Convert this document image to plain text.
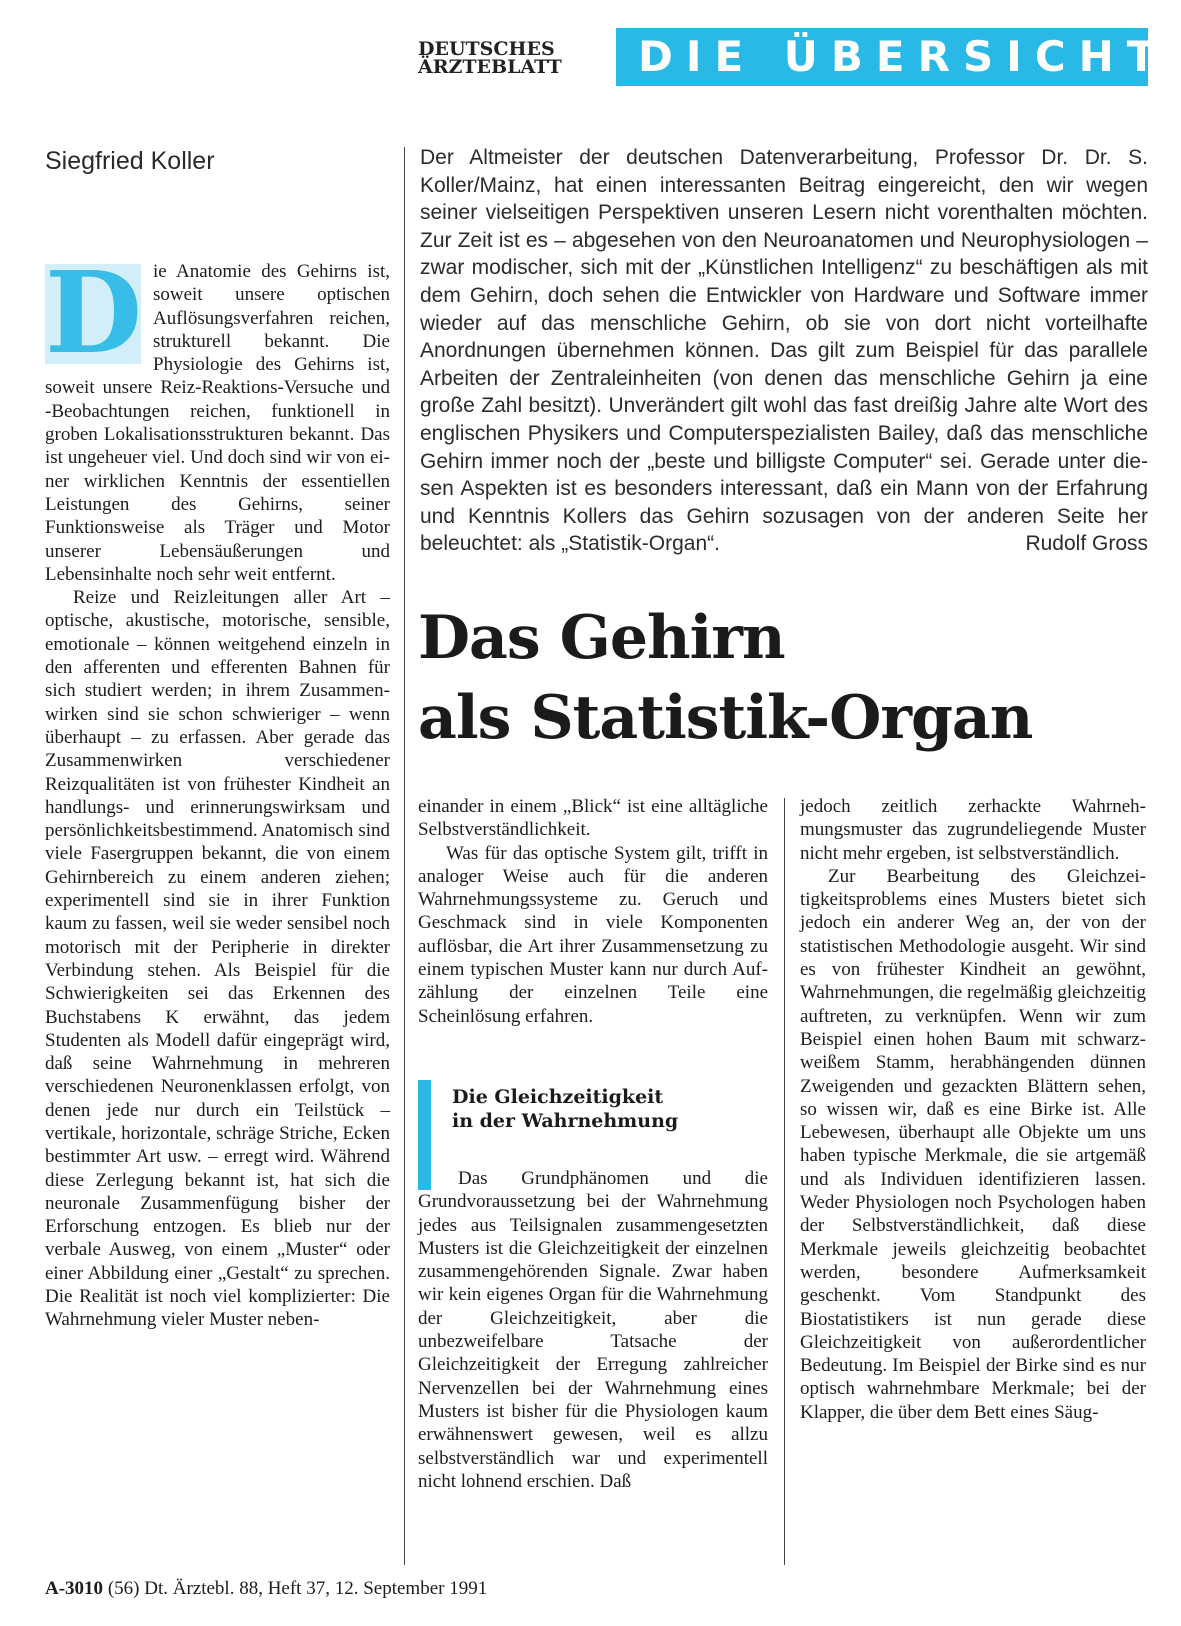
DEUTSCHES
ÄRZTEBLATT	DIE ÜBERSICHT
Siegfried Koller	Der Altmeister der deutschen Datenverarbeitung, Professor Dr. Dr. S. Koller/Mainz, hat einen interessanten Beitrag eingereicht, den wir wegen seiner vielseitigen Perspektiven unseren Lesern nicht vorenthalten möchten. Zur Zeit ist es – abgesehen von den Neuroanatomen und Neurophysiologen – zwar modischer, sich mit der „Künstlichen Intelligenz“ zu beschäftigen als mit dem Gehirn, doch sehen die Entwickler von Hardware und Software immer wieder auf das menschliche Gehirn, ob sie von dort nicht vorteilhafte Anordnungen übernehmen können. Das gilt zum Beispiel für das parallele Arbeiten der Zentraleinheiten (von denen das menschliche Gehirn ja eine große Zahl besitzt). Unverändert gilt wohl das fast dreißig Jahre alte Wort des englischen Physikers und Computerspezialisten Bailey, daß das menschliche Gehirn immer noch der „beste und billigste Computer“ sei. Gerade unter diesen Aspekten ist es besonders interessant, daß ein Mann von der Erfahrung und Kenntnis Kollers das Gehirn sozusagen von der anderen Seite her beleuchtet: als „Statistik-Organ“.	Rudolf Gross
Das Gehirn
als Statistik-Organ
D ie Anatomie des Gehirns ist, soweit unsere optischen Auflösungsverfahren reichen, strukturell bekannt. Die Physiologie des Gehirns ist, soweit unsere Reiz-Reaktions-Versuche und -Beobachtungen reichen, funktionell in groben Lokalisationsstrukturen bekannt. Das ist ungeheuer viel. Und doch sind wir von einer wirklichen Kenntnis der essentiellen Leistungen des Gehirns, seiner Funktionsweise als Träger und Motor unserer Lebensäußerungen und Lebensinhalte noch sehr weit entfernt.

Reize und Reizleitungen aller Art – optische, akustische, motorische, sensible, emotionale – können weitgehend einzeln in den afferenten und efferenten Bahnen für sich studiert werden; in ihrem Zusammenwirken sind sie schon schwieriger – wenn überhaupt – zu erfassen. Aber gerade das Zusammenwirken verschiedener Reizqualitäten ist von frühester Kindheit an handlungs- und erinnerungswirksam und persönlichkeitsbestimmend. Anatomisch sind viele Fasergruppen bekannt, die von einem Gehirnbereich zu einem anderen ziehen; experimentell sind sie in ihrer Funktion kaum zu fassen, weil sie weder sensibel noch motorisch mit der Peripherie in direkter Verbindung stehen. Als Beispiel für die Schwierigkeiten sei das Erkennen des Buchstabens K erwähnt, das jedem Studenten als Modell dafür eingeprägt wird, daß seine Wahrnehmung in mehreren verschiedenen Neuronenklassen erfolgt, von denen jede nur durch ein Teilstück – vertikale, horizontale, schräge Striche, Ecken bestimmter Art usw. – erregt wird. Während diese Zerlegung bekannt ist, hat sich die neuronale Zusammenfügung bisher der Erforschung entzogen. Es blieb nur der verbale Ausweg, von einem „Muster“ oder einer Abbildung einer „Gestalt“ zu sprechen. Die Realität ist noch viel komplizierter: Die Wahrnehmung vieler Muster neben-

einander in einem „Blick“ ist eine alltägliche Selbstverständlichkeit.

Was für das optische System gilt, trifft in analoger Weise auch für die anderen Wahrnehmungssysteme zu. Geruch und Geschmack sind in viele Komponenten auflösbar, die Art ihrer Zusammensetzung zu einem typischen Muster kann nur durch Aufzählung der einzelnen Teile eine Scheinlösung erfahren.

Die Gleichzeitigkeit
in der Wahrnehmung

Das Grundphänomen und die Grundvoraussetzung bei der Wahrnehmung jedes aus Teilsignalen zusammengesetzten Musters ist die Gleichzeitigkeit der einzelnen zusammengehörenden Signale. Zwar haben wir kein eigenes Organ für die Wahrnehmung der Gleichzeitigkeit, aber die unbezweifelbare Tatsache der Gleichzeitigkeit der Erregung zahlreicher Nervenzellen bei der Wahrnehmung eines Musters ist bisher für die Physiologen kaum erwähnenswert gewesen, weil es allzu selbstverständlich war und experimentell nicht lohnend erschien. Daß

jedoch zeitlich zerhackte Wahrnehmungsmuster das zugrundeliegende Muster nicht mehr ergeben, ist selbstverständlich.

Zur Bearbeitung des Gleichzeitigkeitsproblems eines Musters bietet sich jedoch ein anderer Weg an, der von der statistischen Methodologie ausgeht. Wir sind es von frühester Kindheit an gewöhnt, Wahrnehmungen, die regelmäßig gleichzeitig auftreten, zu verknüpfen. Wenn wir zum Beispiel einen hohen Baum mit schwarz-weißem Stamm, herabhängenden dünnen Zweigenden und gezackten Blättern sehen, so wissen wir, daß es eine Birke ist. Alle Lebewesen, überhaupt alle Objekte um uns haben typische Merkmale, die sie artgemäß und als Individuen identifizieren lassen. Weder Physiologen noch Psychologen haben der Selbstverständlichkeit, daß diese Merkmale jeweils gleichzeitig beobachtet werden, besondere Aufmerksamkeit geschenkt. Vom Standpunkt des Biostatistikers ist nun gerade diese Gleichzeitigkeit von außerordentlicher Bedeutung. Im Beispiel der Birke sind es nur optisch wahrnehmbare Merkmale; bei der Klapper, die über dem Bett eines Säug-

A-3010 (56) Dt. Ärztebl. 88, Heft 37, 12. September 1991
